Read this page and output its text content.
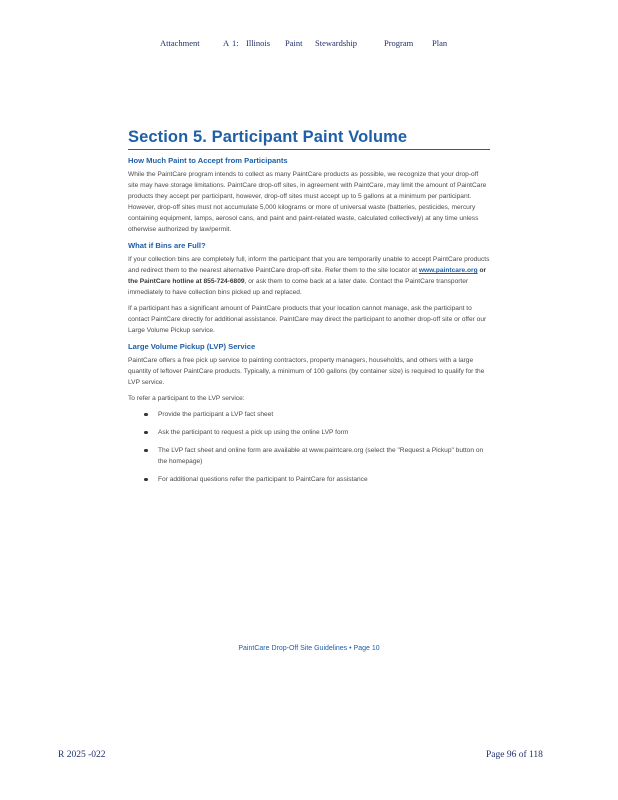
Attachment	A 1: Illinois Paint Stewardship	Program Plan
Section 5. Participant Paint Volume
How Much Paint to Accept from Participants

While the PaintCare program intends to collect as many PaintCare products as possible, we recognize that your drop-off site may have storage limitations. PaintCare drop-off sites, in agreement with PaintCare, may limit the amount of PaintCare products they accept per participant, however, drop-off sites must accept up to 5 gallons at a minimum per participant. However, drop-off sites must not accumulate 5,000 kilograms or more of universal waste (batteries, pesticides, mercury containing equipment, lamps, aerosol cans, and paint and paint-related waste, calculated collectively) at any time unless otherwise authorized by law/permit.

What if Bins are Full?

If your collection bins are completely full, inform the participant that you are temporarily unable to accept PaintCare products and redirect them to the nearest alternative PaintCare drop-off site. Refer them to the site locator at www.paintcare.org or the PaintCare hotline at 855-724-6809, or ask them to come back at a later date. Contact the PaintCare transporter immediately to have collection bins picked up and replaced.

If a participant has a significant amount of PaintCare products that your location cannot manage, ask the participant to contact PaintCare directly for additional assistance. PaintCare may direct the participant to another drop-off site or offer our Large Volume Pickup service.

Large Volume Pickup (LVP) Service

PaintCare offers a free pick up service to painting contractors, property managers, households, and others with a large quantity of leftover PaintCare products. Typically, a minimum of 100 gallons (by container size) is required to qualify for the LVP service.

To refer a participant to the LVP service:

Provide the participant a LVP fact sheet
Ask the participant to request a pick up using the online LVP form
The LVP fact sheet and online form are available at www.paintcare.org (select the "Request a Pickup" button on the homepage)
For additional questions refer the participant to PaintCare for assistance
PaintCare Drop-Off Site Guidelines • Page 10
R 2025 -022	Page 96 of 118
